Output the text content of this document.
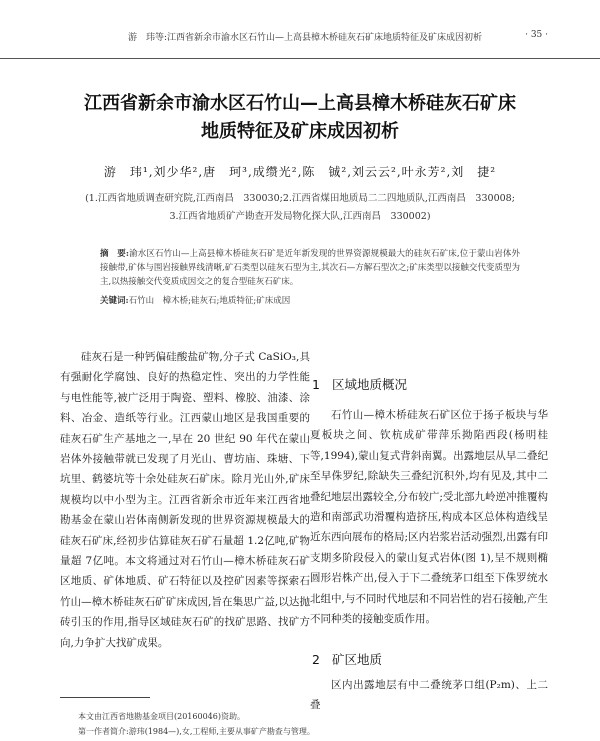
游　玮等:江西省新余市渝水区石竹山—上高县樟木桥硅灰石矿床地质特征及矿床成因初析	· 35 ·
江西省新余市渝水区石竹山—上高县樟木桥硅灰石矿床
地质特征及矿床成因初析
游　玮¹,刘少华²,唐　珂³,成缵光²,陈　铖²,刘云云²,叶永芳²,刘　捷²
(1.江西省地质调查研究院,江西南昌　330030;2.江西省煤田地质局二二四地质队,江西南昌　330008;
3.江西省地质矿产勘查开发局物化探大队,江西南昌　330002)
摘　要:渝水区石竹山—上高县樟木桥硅灰石矿是近年新发现的世界资源规模最大的硅灰石矿床,位于蒙山岩体外接触带,矿体与围岩接触界线清晰,矿石类型以硅灰石型为主,其次石—方解石型次之;矿床类型以接触交代变质型为主,以热接触交代变质成因交之的复合型硅灰石矿床。
关键词:石竹山　樟木桥;硅灰石;地质特征;矿床成因

硅灰石是一种钙偏硅酸盐矿物,分子式 CaSiO₃,具有强耐化学腐蚀、良好的热稳定性、突出的力学性能与电性能等,被广泛用于陶瓷、塑料、橡胶、油漆、涂料、冶金、造纸等行业。江西蒙山地区是我国重要的硅灰石矿生产基地之一,早在 20 世纪 90 年代在蒙山岩体外接触带就已发现了月光山、曹坊庙、珠塘、下坑里、鹤婆坑等十余处硅灰石矿床。除月光山外,矿床规模均以中小型为主。江西省新余市近年来江西省地勘基金在蒙山岩体南侧新发现的世界资源规模最大的硅灰石矿床,经初步估算硅灰石矿石量超 1.2亿吨,矿物量超 7亿吨。本文将通过对石竹山—樟木桥硅灰石矿区地质、矿体地质、矿石特征以及控矿因素等探索石竹山—樟木桥硅灰石矿矿床成因,旨在集思广益,以达抛砖引玉的作用,指导区域硅灰石矿的找矿思路、找矿方向,力争扩大找矿成果。

1 区域地质概况

石竹山—樟木桥硅灰石矿区位于扬子板块与华夏板块之间、钦杭成矿带萍乐拗陷西段(杨明桂等,1994),蒙山复式背斜南翼。出露地层从早二叠纪至早侏罗纪,除缺失三叠纪沉积外,均有见及,其中二叠纪地层出露较全,分布较广;受北部九岭逆冲推覆构造和南部武功滑覆构造挤压,构成本区总体构造线呈近东西向展布的格局;区内岩浆岩活动强烈,出露有印支期多阶段侵入的蒙山复式岩体(图 1),呈不规则椭圆形岩株产出,侵入于下二叠统茅口组至下侏罗统水北组中,与不同时代地层和不同岩性的岩石接触,产生不同种类的接触变质作用。

2 矿区地质

区内出露地层有中二叠统茅口组(P₂m)、上二叠

本文由江西省地勘基金项目(20160046)资助。
第一作者简介:游玮(1984—),女,工程师,主要从事矿产勘查与管理。
